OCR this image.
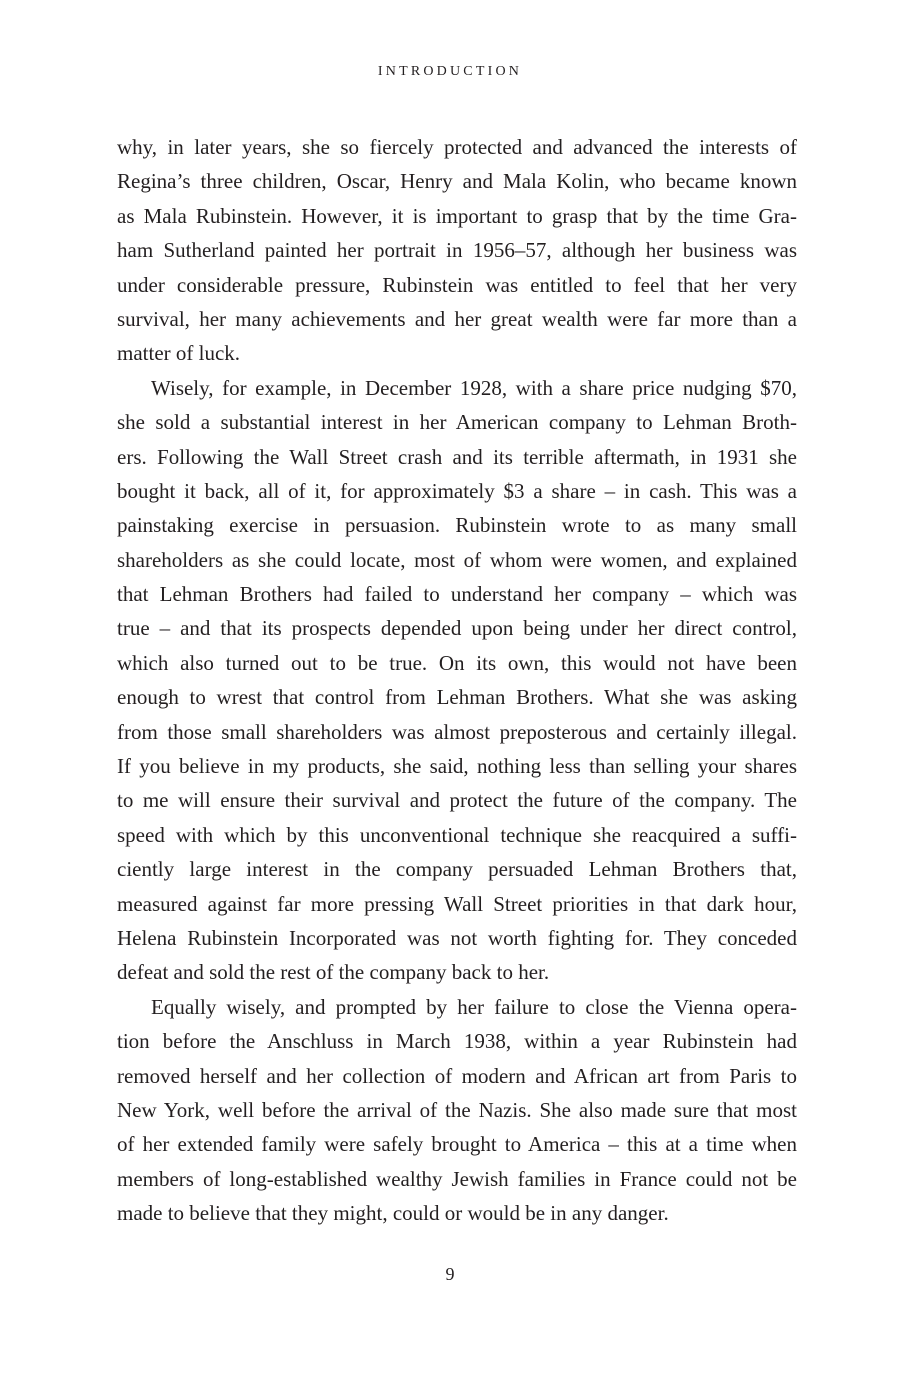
INTRODUCTION
why, in later years, she so fiercely protected and advanced the interests of
Regina’s three children, Oscar, Henry and Mala Kolin, who became known
as Mala Rubinstein. However, it is important to grasp that by the time Gra-
ham Sutherland painted her portrait in 1956–57, although her business was
under considerable pressure, Rubinstein was entitled to feel that her very
survival, her many achievements and her great wealth were far more than a
matter of luck.
Wisely, for example, in December 1928, with a share price nudging $70,
she sold a substantial interest in her American company to Lehman Broth-
ers. Following the Wall Street crash and its terrible aftermath, in 1931 she
bought it back, all of it, for approximately $3 a share – in cash. This was a
painstaking exercise in persuasion. Rubinstein wrote to as many small
shareholders as she could locate, most of whom were women, and explained
that Lehman Brothers had failed to understand her company – which was
true – and that its prospects depended upon being under her direct control,
which also turned out to be true. On its own, this would not have been
enough to wrest that control from Lehman Brothers. What she was asking
from those small shareholders was almost preposterous and certainly illegal.
If you believe in my products, she said, nothing less than selling your shares
to me will ensure their survival and protect the future of the company. The
speed with which by this unconventional technique she reacquired a suffi-
ciently large interest in the company persuaded Lehman Brothers that,
measured against far more pressing Wall Street priorities in that dark hour,
Helena Rubinstein Incorporated was not worth fighting for. They conceded
defeat and sold the rest of the company back to her.
Equally wisely, and prompted by her failure to close the Vienna opera-
tion before the Anschluss in March 1938, within a year Rubinstein had
removed herself and her collection of modern and African art from Paris to
New York, well before the arrival of the Nazis. She also made sure that most
of her extended family were safely brought to America – this at a time when
members of long-established wealthy Jewish families in France could not be
made to believe that they might, could or would be in any danger.
9
